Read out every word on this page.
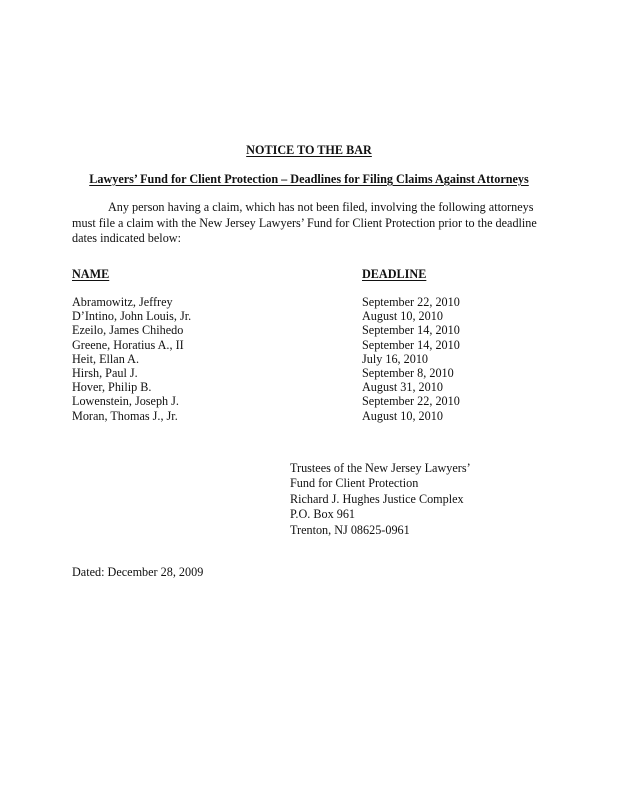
NOTICE TO THE BAR
Lawyers’ Fund for Client Protection – Deadlines for Filing Claims Against Attorneys

Any person having a claim, which has not been filed, involving the following attorneys must file a claim with the New Jersey Lawyers’ Fund for Client Protection prior to the deadline dates indicated below:

NAME	DEADLINE
Abramowitz, Jeffrey	September 22, 2010
D’Intino, John Louis, Jr.	August 10, 2010
Ezeilo, James Chihedo	September 14, 2010
Greene, Horatius A., II	September 14, 2010
Heit, Ellan A.	July 16, 2010
Hirsh, Paul J.	September 8, 2010
Hover, Philip B.	August 31, 2010
Lowenstein, Joseph J.	September 22, 2010
Moran, Thomas J., Jr.	August 10, 2010
Trustees of the New Jersey Lawyers’
Fund for Client Protection
Richard J. Hughes Justice Complex
P.O. Box 961
Trenton, NJ 08625-0961
Dated: December 28, 2009
